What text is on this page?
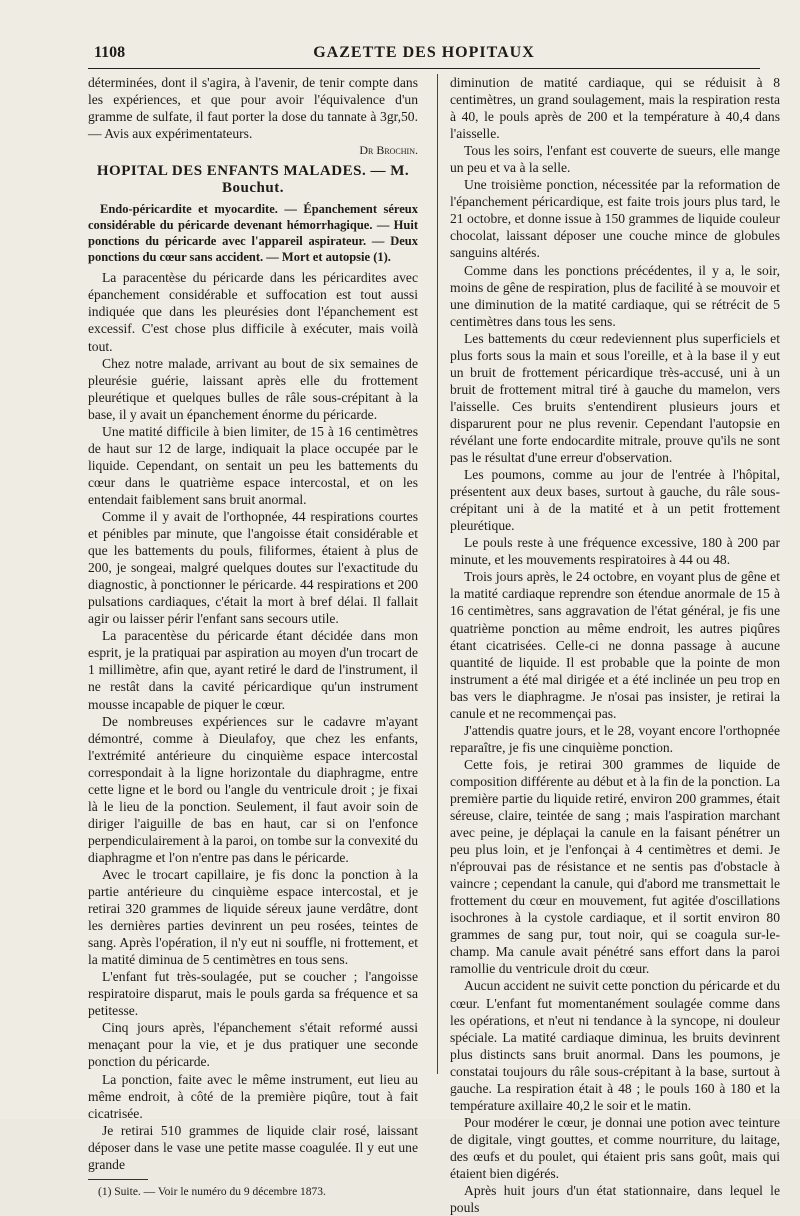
1108	GAZETTE DES HOPITAUX

déterminées, dont il s'agira, à l'avenir, de tenir compte dans les expériences, et que pour avoir l'équivalence d'un gramme de sulfate, il faut porter la dose du tannate à 3gr,50. — Avis aux expérimentateurs.

Dr Brochin.
HOPITAL DES ENFANTS MALADES. — M. Bouchut.
Endo-péricardite et myocardite. — Épanchement séreux considérable du péricarde devenant hémorrhagique. — Huit ponctions du péricarde avec l'appareil aspirateur. — Deux ponctions du cœur sans accident. — Mort et autopsie (1).

La paracentèse du péricarde dans les péricardites avec épanchement considérable et suffocation est tout aussi indiquée que dans les pleurésies dont l'épanchement est excessif. C'est chose plus difficile à exécuter, mais voilà tout.

Chez notre malade, arrivant au bout de six semaines de pleurésie guérie, laissant après elle du frottement pleurétique et quelques bulles de râle sous-crépitant à la base, il y avait un épanchement énorme du péricarde.

Une matité difficile à bien limiter, de 15 à 16 centimètres de haut sur 12 de large, indiquait la place occupée par le liquide. Cependant, on sentait un peu les battements du cœur dans le quatrième espace intercostal, et on les entendait faiblement sans bruit anormal.

Comme il y avait de l'orthopnée, 44 respirations courtes et pénibles par minute, que l'angoisse était considérable et que les battements du pouls, filiformes, étaient à plus de 200, je songeai, malgré quelques doutes sur l'exactitude du diagnostic, à ponctionner le péricarde. 44 respirations et 200 pulsations cardiaques, c'était la mort à bref délai. Il fallait agir ou laisser périr l'enfant sans secours utile.

La paracentèse du péricarde étant décidée dans mon esprit, je la pratiquai par aspiration au moyen d'un trocart de 1 millimètre, afin que, ayant retiré le dard de l'instrument, il ne restât dans la cavité péricardique qu'un instrument mousse incapable de piquer le cœur.

De nombreuses expériences sur le cadavre m'ayant démontré, comme à Dieulafoy, que chez les enfants, l'extrémité antérieure du cinquième espace intercostal correspondait à la ligne horizontale du diaphragme, entre cette ligne et le bord ou l'angle du ventricule droit ; je fixai là le lieu de la ponction. Seulement, il faut avoir soin de diriger l'aiguille de bas en haut, car si on l'enfonce perpendiculairement à la paroi, on tombe sur la convexité du diaphragme et l'on n'entre pas dans le péricarde.

Avec le trocart capillaire, je fis donc la ponction à la partie antérieure du cinquième espace intercostal, et je retirai 320 grammes de liquide séreux jaune verdâtre, dont les dernières parties devinrent un peu rosées, teintes de sang. Après l'opération, il n'y eut ni souffle, ni frottement, et la matité diminua de 5 centimètres en tous sens.

L'enfant fut très-soulagée, put se coucher ; l'angoisse respiratoire disparut, mais le pouls garda sa fréquence et sa petitesse.

Cinq jours après, l'épanchement s'était reformé aussi menaçant pour la vie, et je dus pratiquer une seconde ponction du péricarde.

La ponction, faite avec le même instrument, eut lieu au même endroit, à côté de la première piqûre, tout à fait cicatrisée.

Je retirai 510 grammes de liquide clair rosé, laissant déposer dans le vase une petite masse coagulée. Il y eut une grande

(1) Suite. — Voir le numéro du 9 décembre 1873.

diminution de matité cardiaque, qui se réduisit à 8 centimètres, un grand soulagement, mais la respiration resta à 40, le pouls après de 200 et la température à 40,4 dans l'aisselle.

Tous les soirs, l'enfant est couverte de sueurs, elle mange un peu et va à la selle.

Une troisième ponction, nécessitée par la reformation de l'épanchement péricardique, est faite trois jours plus tard, le 21 octobre, et donne issue à 150 grammes de liquide couleur chocolat, laissant déposer une couche mince de globules sanguins altérés.

Comme dans les ponctions précédentes, il y a, le soir, moins de gêne de respiration, plus de facilité à se mouvoir et une diminution de la matité cardiaque, qui se rétrécit de 5 centimètres dans tous les sens.

Les battements du cœur redeviennent plus superficiels et plus forts sous la main et sous l'oreille, et à la base il y eut un bruit de frottement péricardique très-accusé, uni à un bruit de frottement mitral tiré à gauche du mamelon, vers l'aisselle. Ces bruits s'entendirent plusieurs jours et disparurent pour ne plus revenir. Cependant l'autopsie en révélant une forte endocardite mitrale, prouve qu'ils ne sont pas le résultat d'une erreur d'observation.

Les poumons, comme au jour de l'entrée à l'hôpital, présentent aux deux bases, surtout à gauche, du râle sous-crépitant uni à de la matité et à un petit frottement pleurétique.

Le pouls reste à une fréquence excessive, 180 à 200 par minute, et les mouvements respiratoires à 44 ou 48.

Trois jours après, le 24 octobre, en voyant plus de gêne et la matité cardiaque reprendre son étendue anormale de 15 à 16 centimètres, sans aggravation de l'état général, je fis une quatrième ponction au même endroit, les autres piqûres étant cicatrisées. Celle-ci ne donna passage à aucune quantité de liquide. Il est probable que la pointe de mon instrument a été mal dirigée et a été inclinée un peu trop en bas vers le diaphragme. Je n'osai pas insister, je retirai la canule et ne recommençai pas.

J'attendis quatre jours, et le 28, voyant encore l'orthopnée reparaître, je fis une cinquième ponction.

Cette fois, je retirai 300 grammes de liquide de composition différente au début et à la fin de la ponction. La première partie du liquide retiré, environ 200 grammes, était séreuse, claire, teintée de sang ; mais l'aspiration marchant avec peine, je déplaçai la canule en la faisant pénétrer un peu plus loin, et je l'enfonçai à 4 centimètres et demi. Je n'éprouvai pas de résistance et ne sentis pas d'obstacle à vaincre ; cependant la canule, qui d'abord me transmettait le frottement du cœur en mouvement, fut agitée d'oscillations isochrones à la cystole cardiaque, et il sortit environ 80 grammes de sang pur, tout noir, qui se coagula sur-le-champ. Ma canule avait pénétré sans effort dans la paroi ramollie du ventricule droit du cœur.

Aucun accident ne suivit cette ponction du péricarde et du cœur. L'enfant fut momentanément soulagée comme dans les opérations, et n'eut ni tendance à la syncope, ni douleur spéciale. La matité cardiaque diminua, les bruits devinrent plus distincts sans bruit anormal. Dans les poumons, je constatai toujours du râle sous-crépitant à la base, surtout à gauche. La respiration était à 48 ; le pouls 160 à 180 et la température axillaire 40,2 le soir et le matin.

Pour modérer le cœur, je donnai une potion avec teinture de digitale, vingt gouttes, et comme nourriture, du laitage, des œufs et du poulet, qui étaient pris sans goût, mais qui étaient bien digérés.

Après huit jours d'un état stationnaire, dans lequel le pouls
